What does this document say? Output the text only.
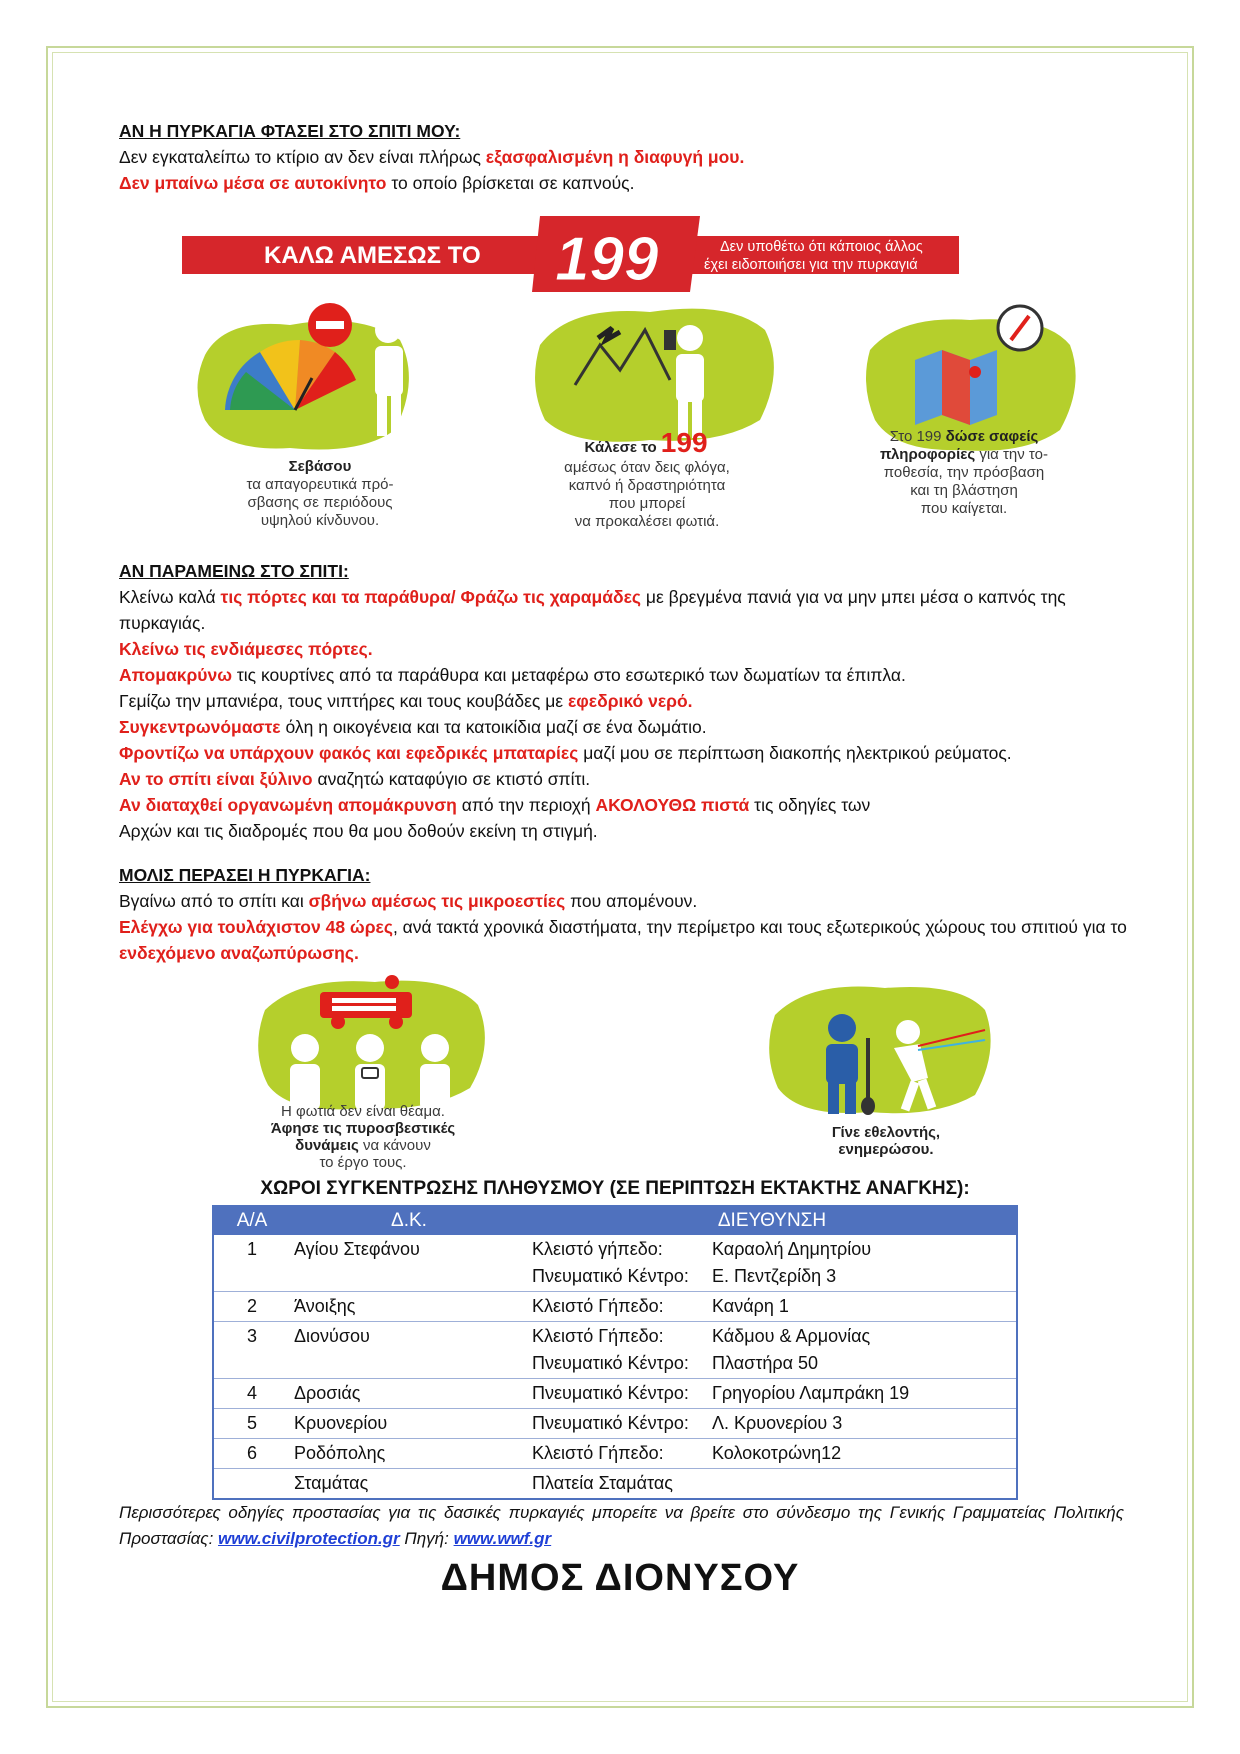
ΑΝ Η ΠΥΡΚΑΓΙΑ ΦΤΑΣΕΙ ΣΤΟ ΣΠΙΤΙ ΜΟΥ:
Δεν εγκαταλείπω το κτίριο αν δεν είναι πλήρως εξασφαλισμένη η διαφυγή μου.
Δεν μπαίνω μέσα σε αυτοκίνητο το οποίο βρίσκεται σε καπνούς.
ΚΑΛΩ ΑΜΕΣΩΣ ΤΟ 199	Δεν υποθέτω ότι κάποιος άλλος
έχει ειδοποιήσει για την πυρκαγιά
Σεβάσου
τα απαγορευτικά πρό-
σβασης σε περιόδους
υψηλού κίνδυνου.
Κάλεσε το 199
αμέσως όταν δεις φλόγα,
καπνό ή δραστηριότητα
που μπορεί
να προκαλέσει φωτιά.
Στο 199 δώσε σαφείς
πληροφορίες για την το-
ποθεσία, την πρόσβαση
και τη βλάστηση
που καίγεται.
ΑΝ ΠΑΡΑΜΕΙΝΩ ΣΤΟ ΣΠΙΤΙ:
Κλείνω καλά τις πόρτες και τα παράθυρα/ Φράζω τις χαραμάδες με βρεγμένα πανιά για να μην μπει μέσα ο καπνός της πυρκαγιάς.
Κλείνω τις ενδιάμεσες πόρτες.
Απομακρύνω τις κουρτίνες από τα παράθυρα και μεταφέρω στο εσωτερικό των δωματίων τα έπιπλα.
Γεμίζω την μπανιέρα, τους νιπτήρες και τους κουβάδες με εφεδρικό νερό.
Συγκεντρωνόμαστε όλη η οικογένεια και τα κατοικίδια μαζί σε ένα δωμάτιο.
Φροντίζω να υπάρχουν φακός και εφεδρικές μπαταρίες μαζί μου σε περίπτωση διακοπής ηλεκτρικού ρεύματος.
Αν το σπίτι είναι ξύλινο αναζητώ καταφύγιο σε κτιστό σπίτι.
Αν διαταχθεί οργανωμένη απομάκρυνση από την περιοχή ΑΚΟΛΟΥΘΩ πιστά τις οδηγίες των
Αρχών και τις διαδρομές που θα μου δοθούν εκείνη τη στιγμή.
ΜΟΛΙΣ ΠΕΡΑΣΕΙ Η ΠΥΡΚΑΓΙΑ:
Βγαίνω από το σπίτι και σβήνω αμέσως τις μικροεστίες που απομένουν.
Ελέγχω για τουλάχιστον 48 ώρες, ανά τακτά χρονικά διαστήματα, την περίμετρο και τους εξωτερικούς χώρους του σπιτιού για το ενδεχόμενο αναζωπύρωσης.
Η φωτιά δεν είναι θέαμα.
Άφησε τις πυροσβεστικές
δυνάμεις να κάνουν
το έργο τους.
Γίνε εθελοντής,
ενημερώσου.
ΧΩΡΟΙ ΣΥΓΚΕΝΤΡΩΣΗΣ ΠΛΗΘΥΣΜΟΥ (ΣΕ ΠΕΡΙΠΤΩΣΗ ΕΚΤΑΚΤΗΣ ΑΝΑΓΚΗΣ):
Α/Α	Δ.Κ.	ΔΙΕΥΘΥΝΣΗ
1	Αγίου Στεφάνου	Κλειστό γήπεδο: Καραολή Δημητρίου
Πνευματικό Κέντρο: Ε. Πεντζερίδη 3

2	Άνοιξης	Κλειστό Γήπεδο: Κανάρη 1

3	Διονύσου	Κλειστό Γήπεδο: Κάδμου & Αρμονίας
Πνευματικό Κέντρο: Πλαστήρα 50

4	Δροσιάς	Πνευματικό Κέντρο: Γρηγορίου Λαμπράκη 19

5	Κρυονερίου	Πνευματικό Κέντρο: Λ. Κρυονερίου 3

6	Ροδόπολης	Κλειστό Γήπεδο: Κολοκοτρώνη12

	Σταμάτας	Πλατεία Σταμάτας
Περισσότερες οδηγίες προστασίας για τις δασικές πυρκαγιές μπορείτε να βρείτε στο σύνδεσμο της Γενικής Γραμματείας Πολιτικής Προστασίας: www.civilprotection.gr Πηγή: www.wwf.gr
ΔΗΜΟΣ ΔΙΟΝΥΣΟΥ
